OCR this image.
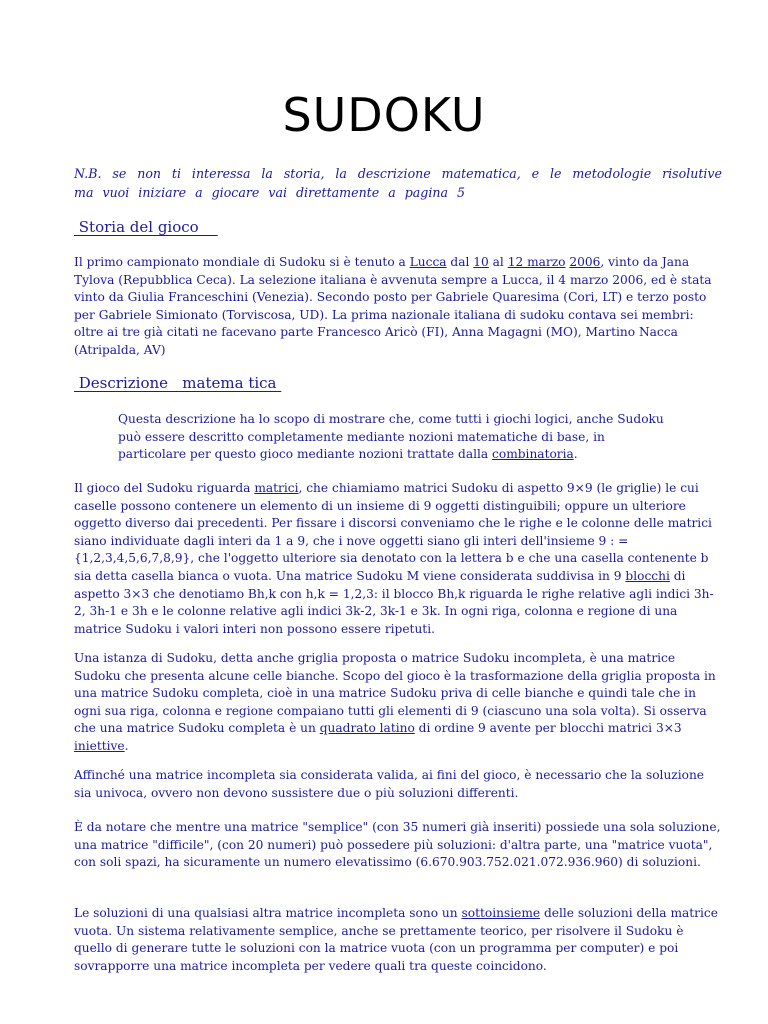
SUDOKU
N.B. se non ti interessa la storia, la descrizione matematica, e le metodologie risolutive ma vuoi iniziare a giocare vai direttamente a pagina 5
Storia del gioco
Il primo campionato mondiale di Sudoku si è tenuto a Lucca dal 10 al 12 marzo 2006, vinto da Jana Tylova (Repubblica Ceca). La selezione italiana è avvenuta sempre a Lucca, il 4 marzo 2006, ed è stata vinto da Giulia Franceschini (Venezia). Secondo posto per Gabriele Quaresima (Cori, LT) e terzo posto per Gabriele Simionato (Torviscosa, UD). La prima nazionale italiana di sudoku contava sei membri: oltre ai tre già citati ne facevano parte Francesco Aricò (FI), Anna Magagni (MO), Martino Nacca (Atripalda, AV)
Descrizione   matema tica
Questa descrizione ha lo scopo di mostrare che, come tutti i giochi logici, anche Sudoku può essere descritto completamente mediante nozioni matematiche di base, in particolare per questo gioco mediante nozioni trattate dalla combinatoria.
Il gioco del Sudoku riguarda matrici, che chiamiamo matrici Sudoku di aspetto 9×9 (le griglie) le cui caselle possono contenere un elemento di un insieme di 9 oggetti distinguibili; oppure un ulteriore oggetto diverso dai precedenti. Per fissare i discorsi conveniamo che le righe e le colonne delle matrici siano individuate dagli interi da 1 a 9, che i nove oggetti siano gli interi dell'insieme 9 : = {1,2,3,4,5,6,7,8,9}, che l'oggetto ulteriore sia denotato con la lettera b e che una casella contenente b sia detta casella bianca o vuota. Una matrice Sudoku M viene considerata suddivisa in 9 blocchi di aspetto 3×3 che denotiamo Bh,k con h,k = 1,2,3: il blocco Bh,k riguarda le righe relative agli indici 3h-2, 3h-1 e 3h e le colonne relative agli indici 3k-2, 3k-1 e 3k. In ogni riga, colonna e regione di una matrice Sudoku i valori interi non possono essere ripetuti.
Una istanza di Sudoku, detta anche griglia proposta o matrice Sudoku incompleta, è una matrice Sudoku che presenta alcune celle bianche. Scopo del gioco è la trasformazione della griglia proposta in una matrice Sudoku completa, cioè in una matrice Sudoku priva di celle bianche e quindi tale che in ogni sua riga, colonna e regione compaiano tutti gli elementi di 9 (ciascuno una sola volta). Si osserva che una matrice Sudoku completa è un quadrato latino di ordine 9 avente per blocchi matrici 3×3 iniettive.
Affinché una matrice incompleta sia considerata valida, ai fini del gioco, è necessario che la soluzione sia univoca, ovvero non devono sussistere due o più soluzioni differenti.
È da notare che mentre una matrice "semplice" (con 35 numeri già inseriti) possiede una sola soluzione, una matrice "difficile", (con 20 numeri) può possedere più soluzioni: d'altra parte, una "matrice vuota", con soli spazi, ha sicuramente un numero elevatissimo (6.670.903.752.021.072.936.960) di soluzioni.
Le soluzioni di una qualsiasi altra matrice incompleta sono un sottoinsieme delle soluzioni della matrice vuota. Un sistema relativamente semplice, anche se prettamente teorico, per risolvere il Sudoku è quello di generare tutte le soluzioni con la matrice vuota (con un programma per computer) e poi sovrapporre una matrice incompleta per vedere quali tra queste coincidono.
